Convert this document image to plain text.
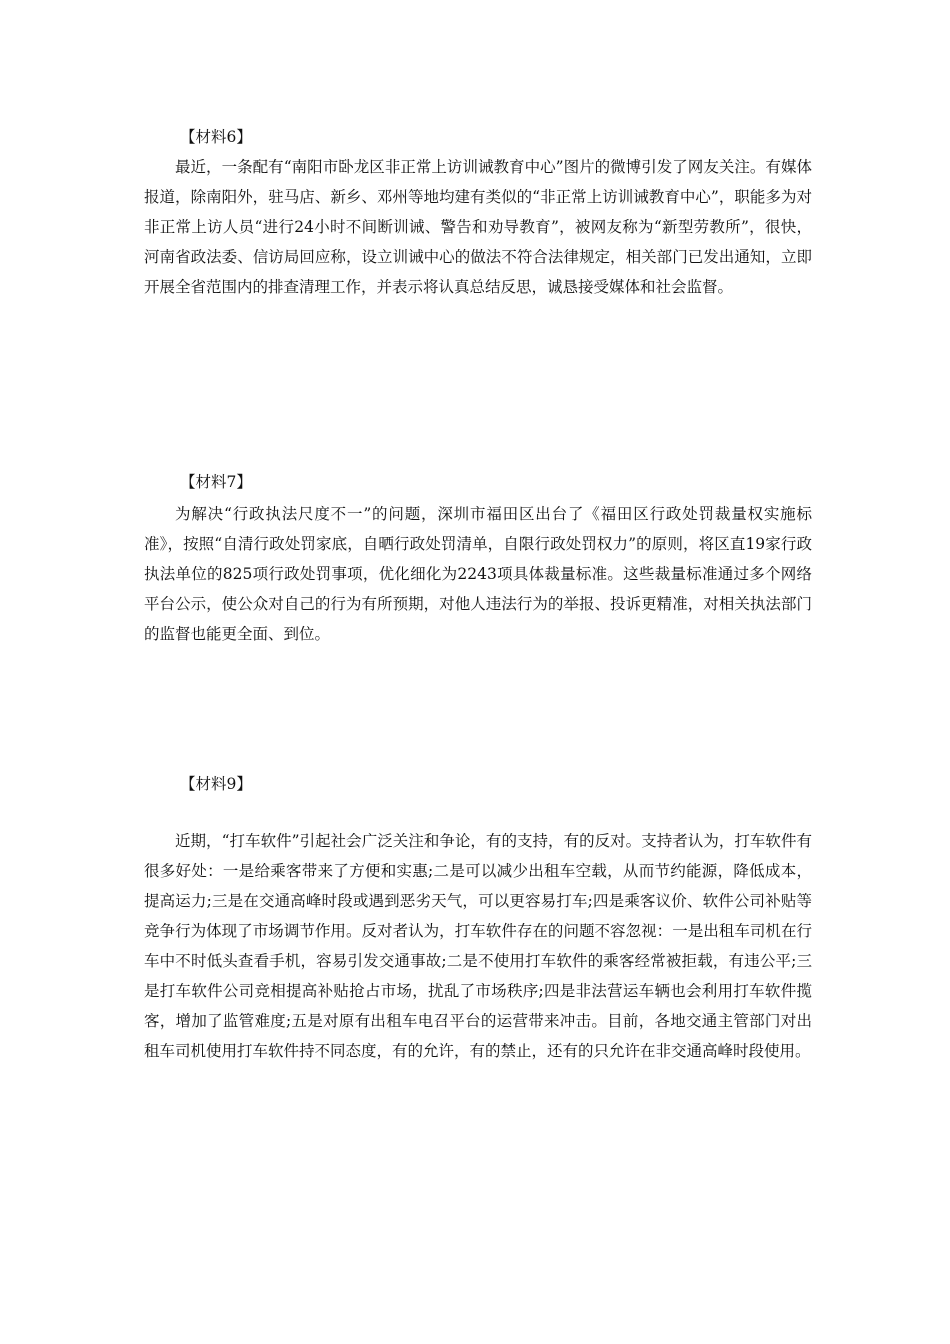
【材料6】

最近，一条配有“南阳市卧龙区非正常上访训诫教育中心”图片的微博引发了网友关注。有媒体报道，除南阳外，驻马店、新乡、邓州等地均建有类似的“非正常上访训诫教育中心”，职能多为对非正常上访人员“进行24小时不间断训诫、警告和劝导教育”，被网友称为“新型劳教所”，很快，河南省政法委、信访局回应称，设立训诫中心的做法不符合法律规定，相关部门已发出通知，立即开展全省范围内的排查清理工作，并表示将认真总结反思，诚恳接受媒体和社会监督。

【材料7】

为解决“行政执法尺度不一”的问题，深圳市福田区出台了《福田区行政处罚裁量权实施标准》，按照“自清行政处罚家底，自晒行政处罚清单，自限行政处罚权力”的原则，将区直19家行政执法单位的825项行政处罚事项，优化细化为2243项具体裁量标准。这些裁量标准通过多个网络平台公示，使公众对自己的行为有所预期，对他人违法行为的举报、投诉更精准，对相关执法部门的监督也能更全面、到位。

【材料9】

近期，“打车软件”引起社会广泛关注和争论，有的支持，有的反对。支持者认为，打车软件有很多好处：一是给乘客带来了方便和实惠;二是可以减少出租车空载，从而节约能源，降低成本，提高运力;三是在交通高峰时段或遇到恶劣天气，可以更容易打车;四是乘客议价、软件公司补贴等竞争行为体现了市场调节作用。反对者认为，打车软件存在的问题不容忽视：一是出租车司机在行车中不时低头查看手机，容易引发交通事故;二是不使用打车软件的乘客经常被拒载，有违公平;三是打车软件公司竞相提高补贴抢占市场，扰乱了市场秩序;四是非法营运车辆也会利用打车软件揽客，增加了监管难度;五是对原有出租车电召平台的运营带来冲击。目前，各地交通主管部门对出租车司机使用打车软件持不同态度，有的允许，有的禁止，还有的只允许在非交通高峰时段使用。
